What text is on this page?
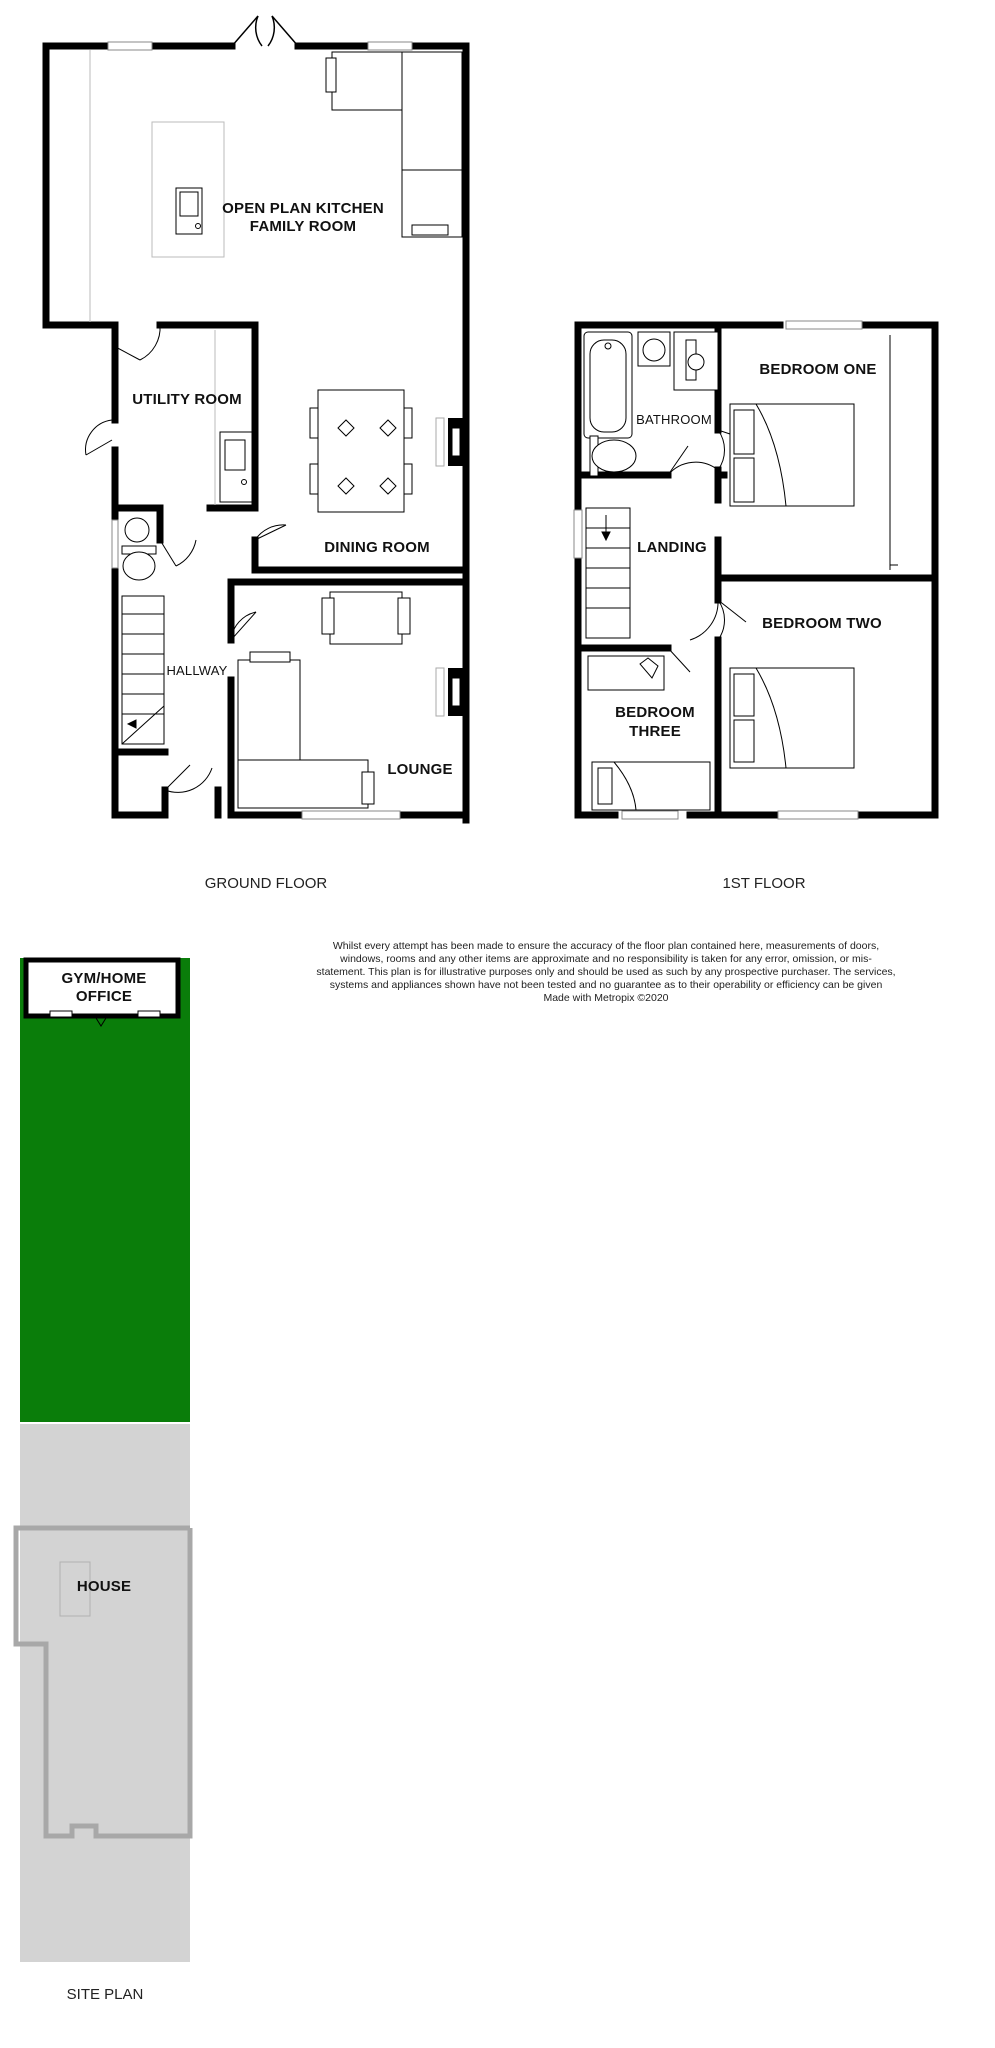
OPEN PLAN KITCHEN
FAMILY ROOM
UTILITY ROOM
DINING ROOM
HALLWAY
LOUNGE
BATHROOM
BEDROOM ONE
LANDING
BEDROOM TWO
BEDROOM
THREE
GYM/HOME
OFFICE
HOUSE
GROUND FLOOR	1ST FLOOR
SITE PLAN
Whilst every attempt has been made to ensure the accuracy of the floor plan contained here, measurements of doors, windows, rooms and any other items are approximate and no responsibility is taken for any error, omission, or mis-statement. This plan is for illustrative purposes only and should be used as such by any prospective purchaser. The services, systems and appliances shown have not been tested and no guarantee as to their operability or efficiency can be given
Made with Metropix ©2020
